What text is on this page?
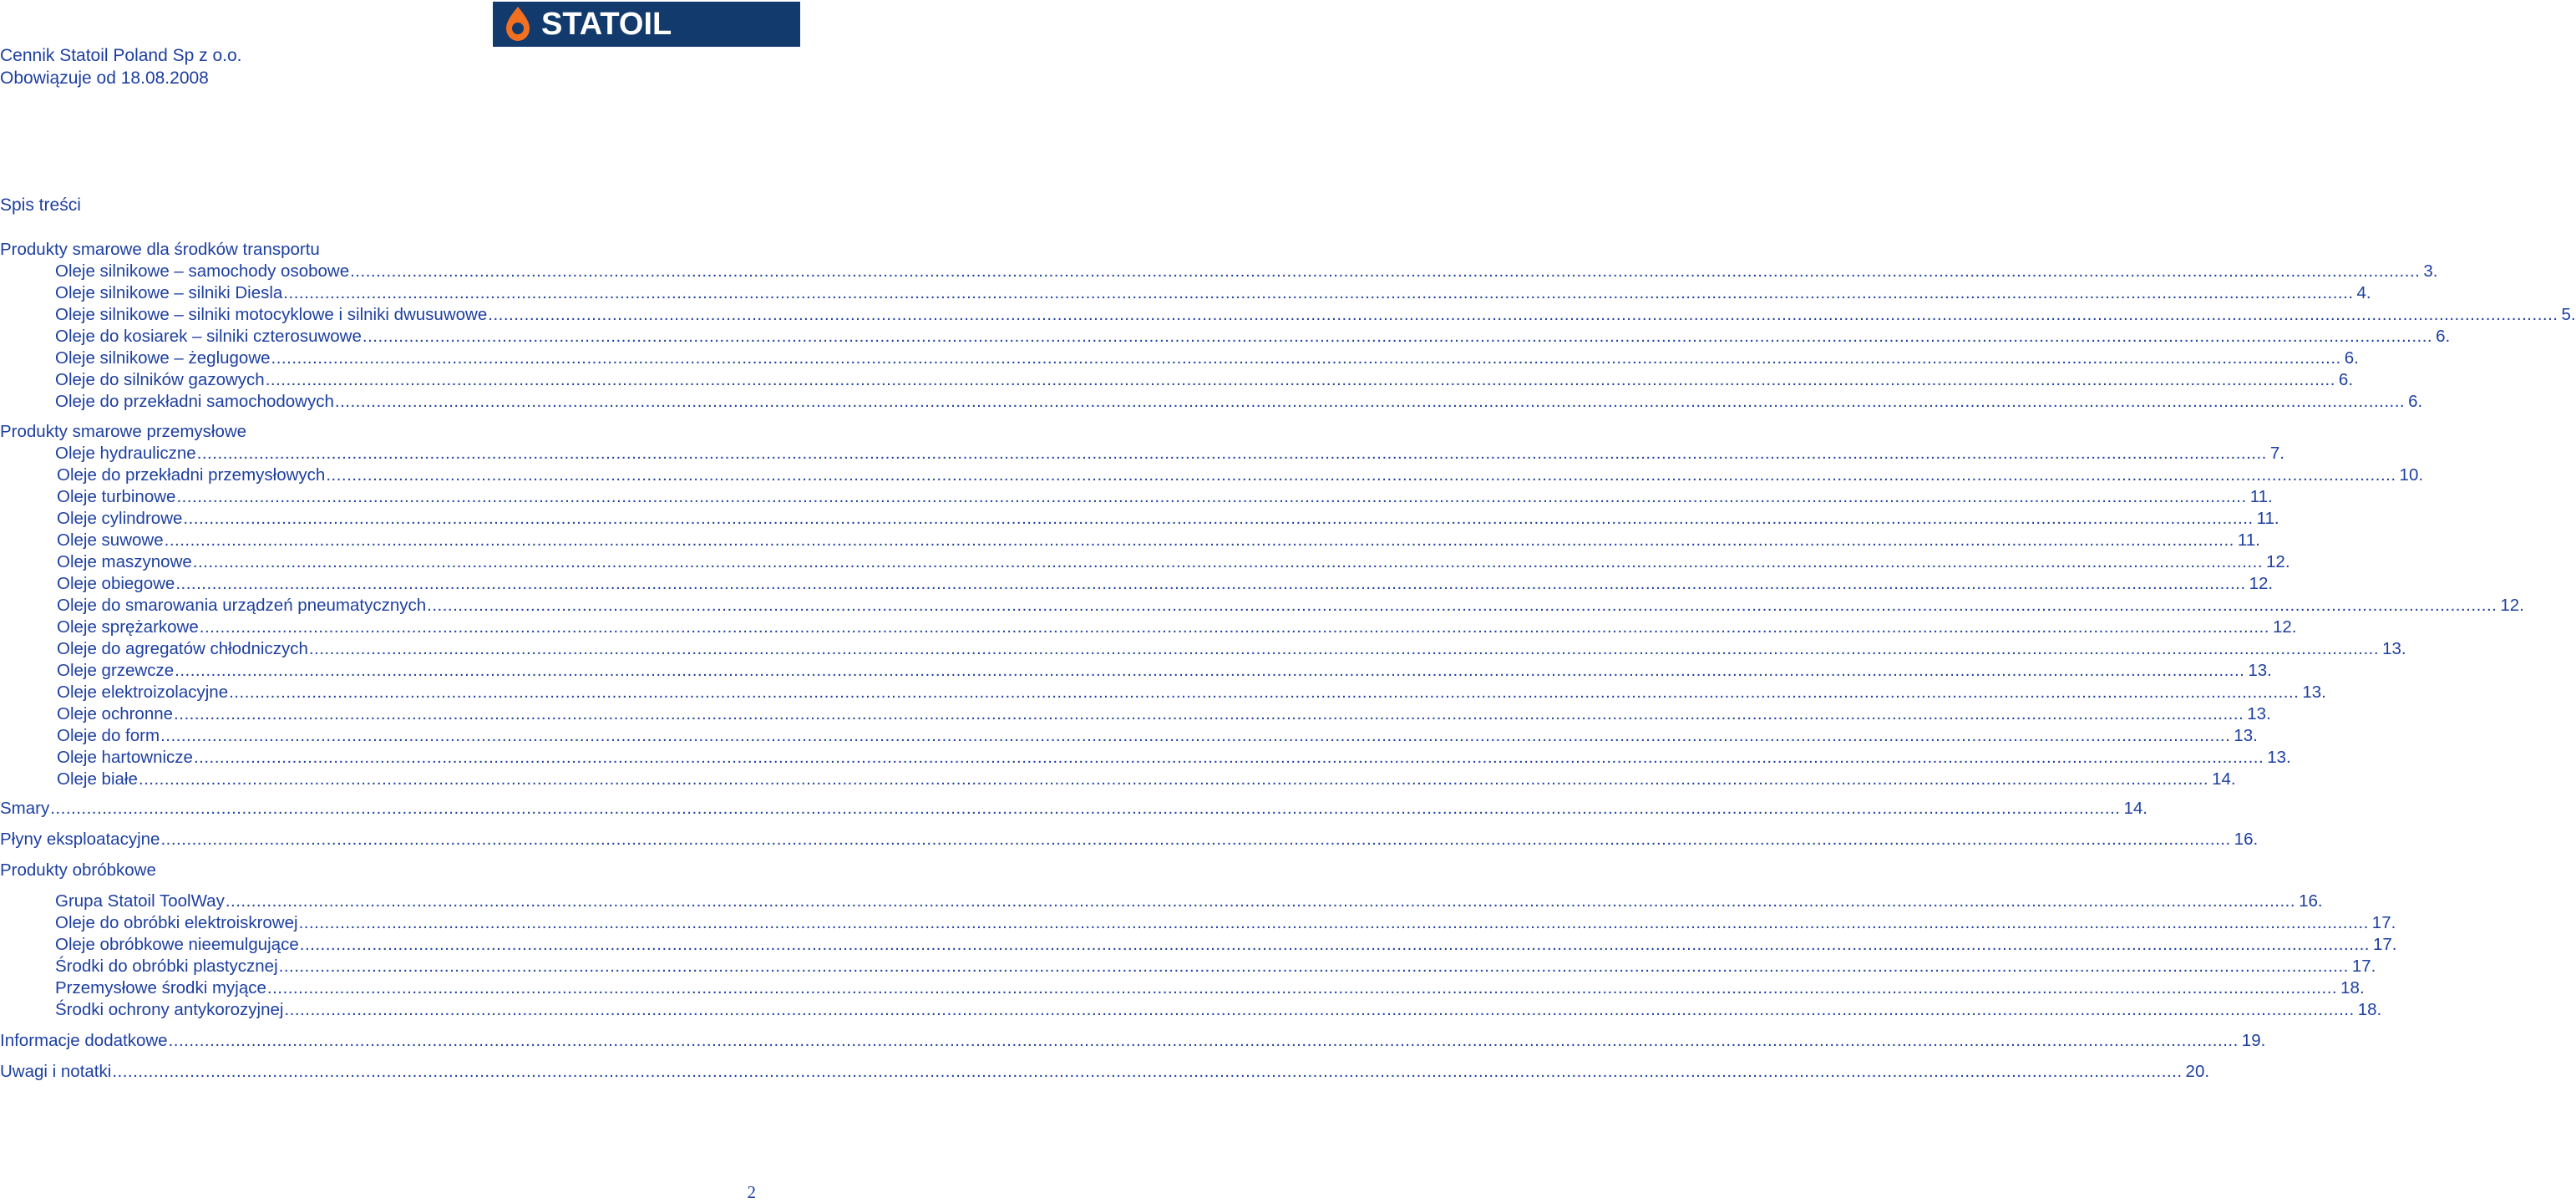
STATOIL
Cennik Statoil Poland Sp z o.o.
Obowiązuje od 18.08.2008
Spis treści
Produkty smarowe dla środków transportu
Oleje silnikowe – samochody osobowe ................................................................................................................................................................................................................................................................................................................................................................................................................ 3.
Oleje silnikowe – silniki Diesla ................................................................................................................................................................................................................................................................................................................................................................................................................ 4.
Oleje silnikowe – silniki motocyklowe i silniki dwusuwowe ................................................................................................................................................................................................................................................................................................................................................................................................................ 5.
Oleje do kosiarek – silniki czterosuwowe ................................................................................................................................................................................................................................................................................................................................................................................................................ 6.
Oleje silnikowe – żeglugowe ................................................................................................................................................................................................................................................................................................................................................................................................................ 6.
Oleje do silników gazowych ................................................................................................................................................................................................................................................................................................................................................................................................................ 6.
Oleje do przekładni samochodowych ................................................................................................................................................................................................................................................................................................................................................................................................................ 6.
Produkty smarowe przemysłowe
Oleje hydrauliczne ................................................................................................................................................................................................................................................................................................................................................................................................................ 7.
Oleje do przekładni przemysłowych ................................................................................................................................................................................................................................................................................................................................................................................................................ 10.
Oleje turbinowe ................................................................................................................................................................................................................................................................................................................................................................................................................ 11.
Oleje cylindrowe ................................................................................................................................................................................................................................................................................................................................................................................................................ 11.
Oleje suwowe ................................................................................................................................................................................................................................................................................................................................................................................................................ 11.
Oleje maszynowe ................................................................................................................................................................................................................................................................................................................................................................................................................ 12.
Oleje obiegowe ................................................................................................................................................................................................................................................................................................................................................................................................................ 12.
Oleje do smarowania urządzeń pneumatycznych ................................................................................................................................................................................................................................................................................................................................................................................................................ 12.
Oleje sprężarkowe ................................................................................................................................................................................................................................................................................................................................................................................................................ 12.
Oleje do agregatów chłodniczych ................................................................................................................................................................................................................................................................................................................................................................................................................ 13.
Oleje grzewcze ................................................................................................................................................................................................................................................................................................................................................................................................................ 13.
Oleje elektroizolacyjne ................................................................................................................................................................................................................................................................................................................................................................................................................ 13.
Oleje ochronne ................................................................................................................................................................................................................................................................................................................................................................................................................ 13.
Oleje do form ................................................................................................................................................................................................................................................................................................................................................................................................................ 13.
Oleje hartownicze ................................................................................................................................................................................................................................................................................................................................................................................................................ 13.
Oleje białe ................................................................................................................................................................................................................................................................................................................................................................................................................ 14.
Smary ................................................................................................................................................................................................................................................................................................................................................................................................................ 14.
Płyny eksploatacyjne ................................................................................................................................................................................................................................................................................................................................................................................................................ 16.
Produkty obróbkowe
Grupa Statoil ToolWay ................................................................................................................................................................................................................................................................................................................................................................................................................ 16.
Oleje do obróbki elektroiskrowej ................................................................................................................................................................................................................................................................................................................................................................................................................ 17.
Oleje obróbkowe nieemulgujące ................................................................................................................................................................................................................................................................................................................................................................................................................ 17.
Środki do obróbki plastycznej ................................................................................................................................................................................................................................................................................................................................................................................................................ 17.
Przemysłowe środki myjące ................................................................................................................................................................................................................................................................................................................................................................................................................ 18.
Środki ochrony antykorozyjnej ................................................................................................................................................................................................................................................................................................................................................................................................................ 18.
Informacje dodatkowe ................................................................................................................................................................................................................................................................................................................................................................................................................ 19.
Uwagi i notatki ................................................................................................................................................................................................................................................................................................................................................................................................................ 20.
2
